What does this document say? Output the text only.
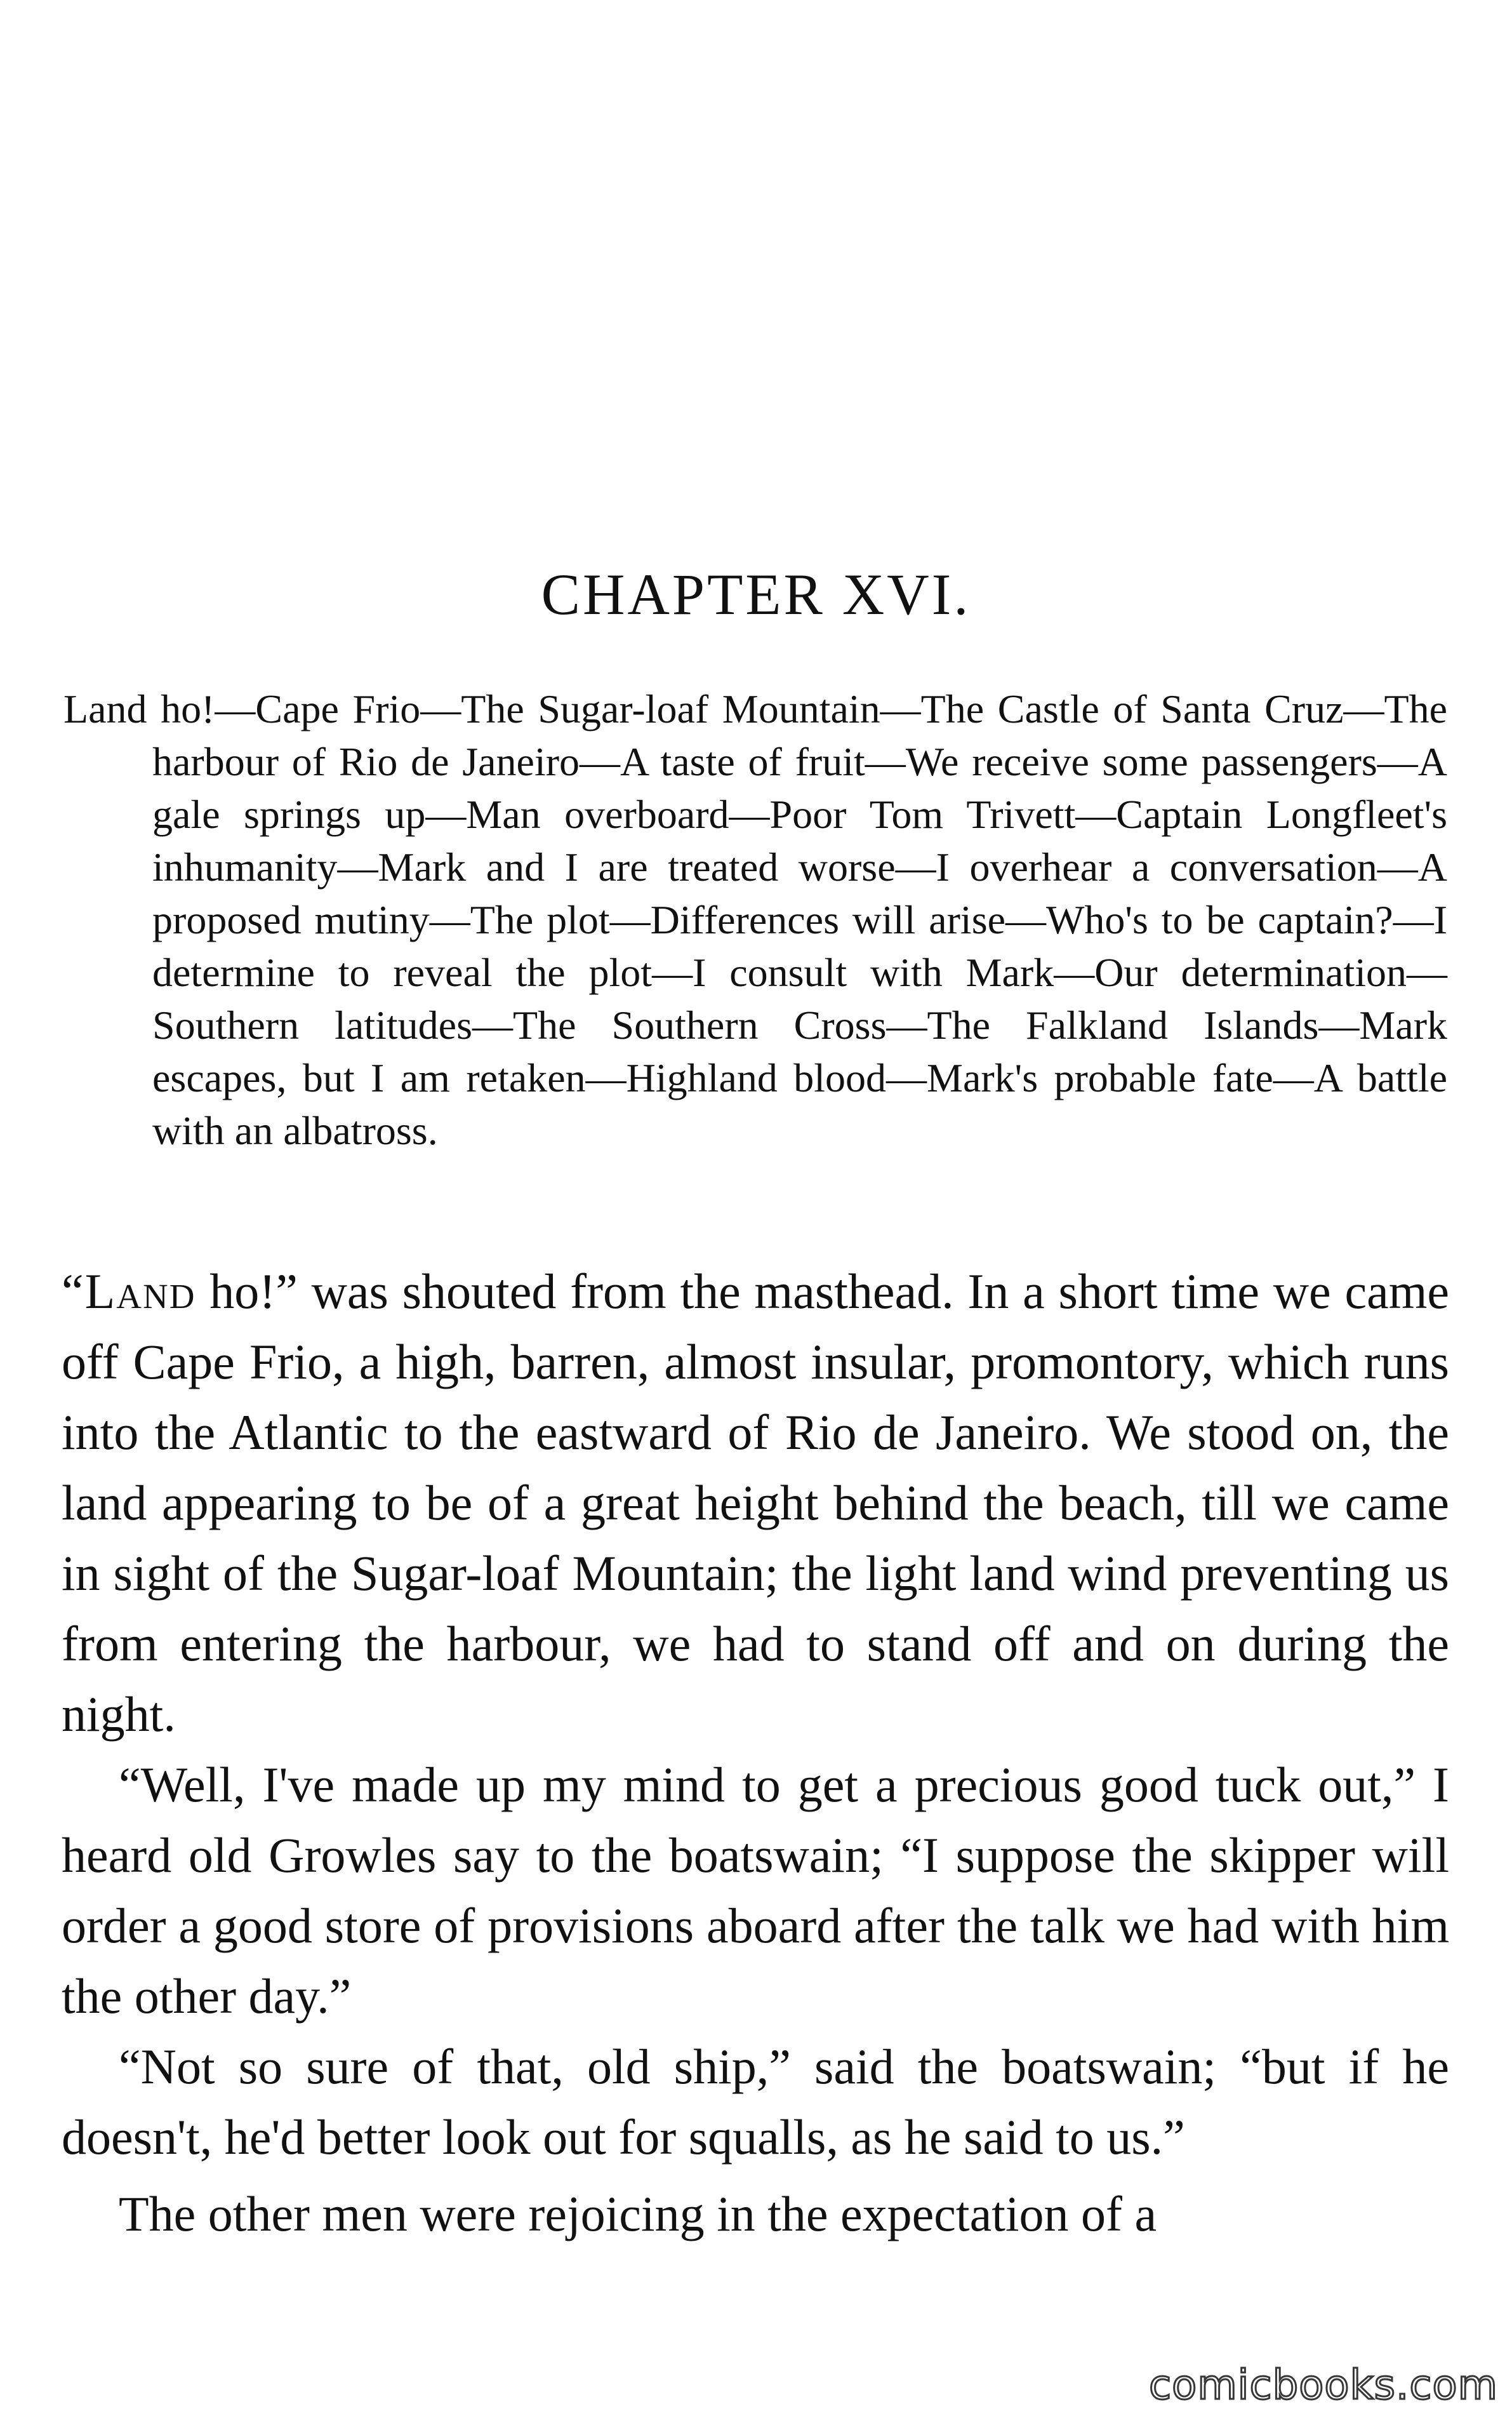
CHAPTER XVI.

Land ho!—Cape Frio—The Sugar-loaf Mountain—The Castle of Santa Cruz—The harbour of Rio de Janeiro—A taste of fruit—We receive some passengers—A gale springs up—Man overboard—Poor Tom Trivett—Captain Longfleet's inhumanity—Mark and I are treated worse—I overhear a conversation—A proposed mutiny—The plot—Differences will arise—Who's to be captain?—I determine to reveal the plot—I consult with Mark—Our determination—Southern latitudes—The Southern Cross—The Falkland Islands—Mark escapes, but I am retaken—Highland blood—Mark's probable fate—A battle with an albatross.

“Land ho!” was shouted from the masthead. In a short time we came off Cape Frio, a high, barren, almost insular, promontory, which runs into the Atlantic to the eastward of Rio de Janeiro. We stood on, the land appearing to be of a great height behind the beach, till we came in sight of the Sugar-loaf Mountain; the light land wind preventing us from entering the harbour, we had to stand off and on during the night.

“Well, I've made up my mind to get a precious good tuck out,” I heard old Growles say to the boatswain; “I suppose the skipper will order a good store of provisions aboard after the talk we had with him the other day.”

“Not so sure of that, old ship,” said the boatswain; “but if he doesn't, he'd better look out for squalls, as he said to us.”

The other men were rejoicing in the expectation of a

comicbooks.com
